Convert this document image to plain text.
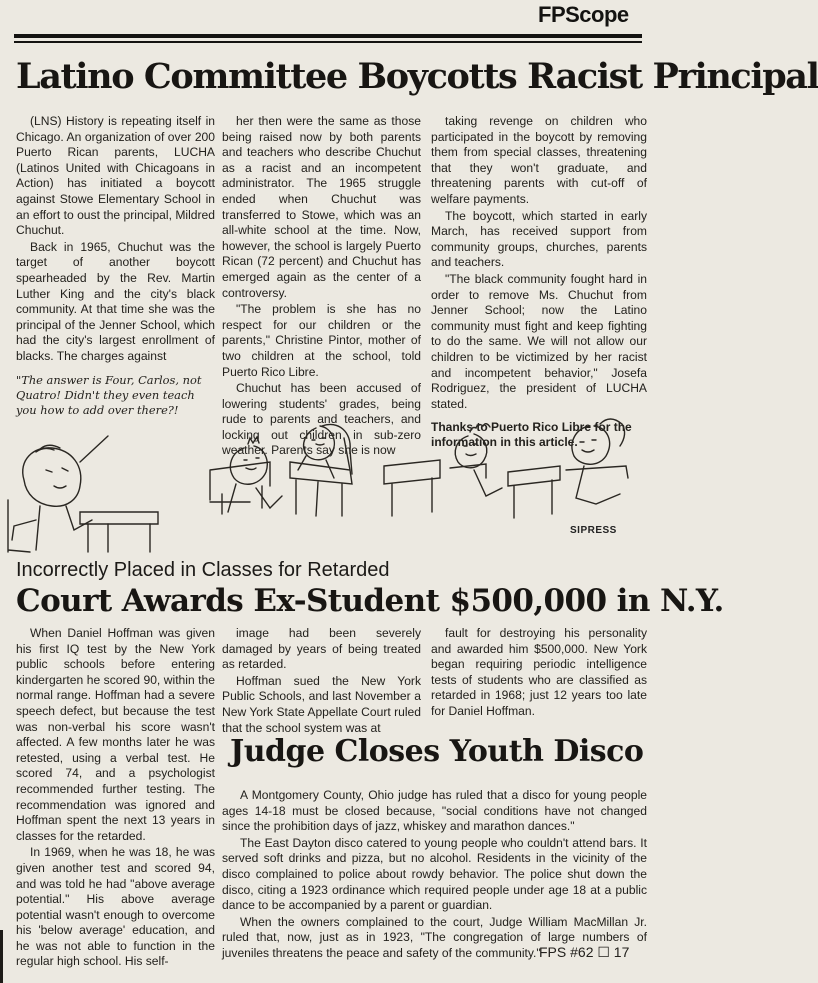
FPScope
Latino Committee Boycotts Racist Principal

(LNS) History is repeating itself in Chicago. An organization of over 200 Puerto Rican parents, LUCHA (Latinos United with Chicagoans in Action) has initiated a boycott against Stowe Elementary School in an effort to oust the principal, Mildred Chuchut.

Back in 1965, Chuchut was the target of another boycott spearheaded by the Rev. Martin Luther King and the city's black community. At that time she was the principal of the Jenner School, which had the city's largest enrollment of blacks. The charges against

"The answer is Four, Carlos, not Quatro! Didn't they even teach you how to add over there?!

her then were the same as those being raised now by both parents and teachers who describe Chuchut as a racist and an incompetent administrator. The 1965 struggle ended when Chuchut was transferred to Stowe, which was an all-white school at the time. Now, however, the school is largely Puerto Rican (72 percent) and Chuchut has emerged again as the center of a controversy.

"The problem is she has no respect for our children or the parents," Christine Pintor, mother of two children at the school, told Puerto Rico Libre.

Chuchut has been accused of lowering students' grades, being rude to parents and teachers, and locking out children in sub-zero weather. Parents say she is now

taking revenge on children who participated in the boycott by removing them from special classes, threatening that they won't graduate, and threatening parents with cut-off of welfare payments.

The boycott, which started in early March, has received support from community groups, churches, parents and teachers.

"The black community fought hard in order to remove Ms. Chuchut from Jenner School; now the Latino community must fight and keep fighting to do the same. We will not allow our children to be victimized by her racist and incompetent behavior," Josefa Rodriguez, the president of LUCHA stated.

Thanks to Puerto Rico Libre for the information in this article.

SIPRESS
Incorrectly Placed in Classes for Retarded
Court Awards Ex-Student $500,000 in N.Y.

When Daniel Hoffman was given his first IQ test by the New York public schools before entering kindergarten he scored 90, within the normal range. Hoffman had a severe speech defect, but because the test was non-verbal his score wasn't affected. A few months later he was retested, using a verbal test. He scored 74, and a psychologist recommended further testing. The recommendation was ignored and Hoffman spent the next 13 years in classes for the retarded.

In 1969, when he was 18, he was given another test and scored 94, and was told he had "above average potential." His above average potential wasn't enough to overcome his 'below average' education, and he was not able to function in the regular high school. His self-

image had been severely damaged by years of being treated as retarded.

Hoffman sued the New York Public Schools, and last November a New York State Appellate Court ruled that the school system was at

fault for destroying his personality and awarded him $500,000. New York began requiring periodic intelligence tests of students who are classified as retarded in 1968; just 12 years too late for Daniel Hoffman.

Judge Closes Youth Disco

A Montgomery County, Ohio judge has ruled that a disco for young people ages 14-18 must be closed because, "social conditions have not changed since the prohibition days of jazz, whiskey and marathon dances."

The East Dayton disco catered to young people who couldn't attend bars. It served soft drinks and pizza, but no alcohol. Residents in the vicinity of the disco complained to police about rowdy behavior. The police shut down the disco, citing a 1923 ordinance which required people under age 18 at a public dance to be accompanied by a parent or guardian.

When the owners complained to the court, Judge William MacMillan Jr. ruled that, now, just as in 1923, "The congregation of large numbers of juveniles threatens the peace and safety of the community."

FPS #62 ☐ 17
